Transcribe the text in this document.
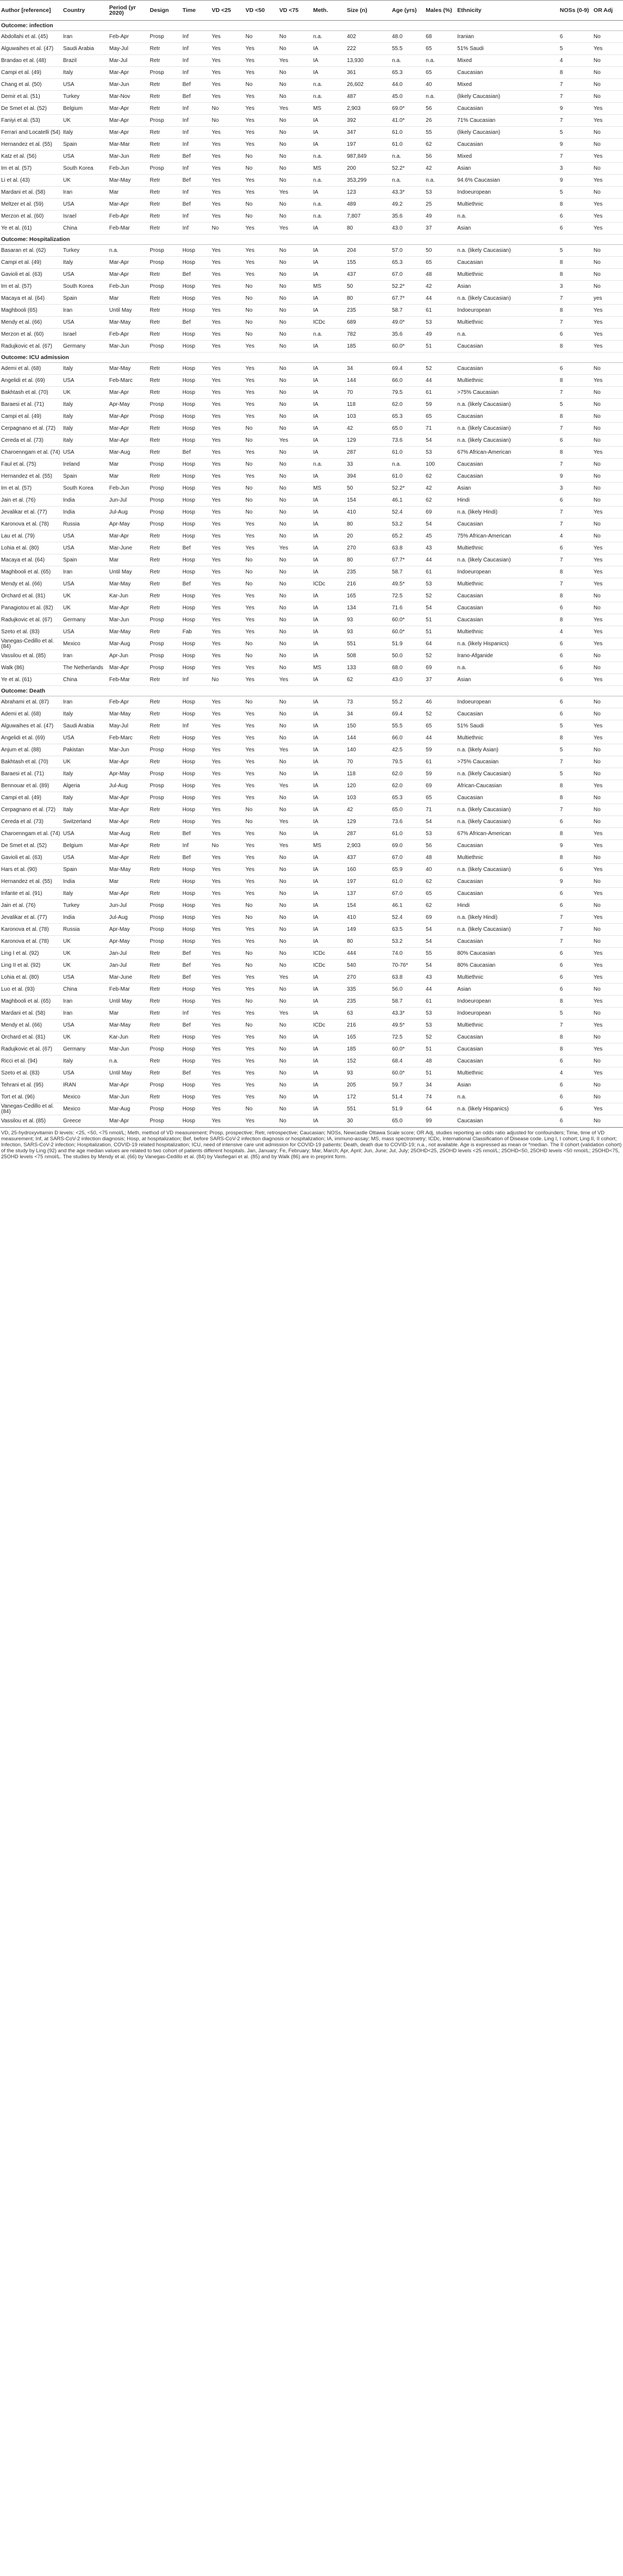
Author [reference]	Country	Period (yr 2020)	Design	Time	VD <25	VD <50	VD <75	Meth.	Size (n)	Age (yrs)	Males (%)	Ethnicity	NOSs (0-9)	OR Adj
Outcome: infection														
Abdollahi et al. (45)	Iran	Feb-Apr	Prosp	Inf	Yes	No	No	n.a.	402	48.0	68	Iranian	6	No
Alguwaihes et al. (47)	Saudi Arabia	May-Jul	Retr	Inf	Yes	Yes	No	IA	222	55.5	65	51% Saudi	5	Yes
Brandao et al. (48)	Brazil	Mar-Jul	Retr	Inf	Yes	Yes	Yes	IA	13,930	n.a.	n.a.	Mixed	4	No
Campi et al. (49)	Italy	Mar-Apr	Prosp	Inf	Yes	Yes	No	IA	361	65.3	65	Caucasian	8	No
Chang et al. (50)	USA	Mar-Jun	Retr	Bef	Yes	No	No	n.a.	26,602	44.0	40	Mixed	7	No
Demir et al. (51)	Turkey	Mar-Nov	Retr	Bef	Yes	Yes	No	n.a.	487	45.0	n.a.	(likely Caucasian)	7	No
De Smet et al. (52)	Belgium	Mar-Apr	Retr	Inf	No	Yes	Yes	MS	2,903	69.0*	56	Caucasian	9	Yes
Faniyi et al. (53)	UK	Mar-Apr	Prosp	Inf	No	Yes	No	IA	392	41.0*	26	71% Caucasian	7	Yes
Ferrari and Locatelli (54)	Italy	Mar-Apr	Retr	Inf	Yes	Yes	No	IA	347	61.0	55	(likely Caucasian)	5	No
Hernandez et al. (55)	Spain	Mar-Mar	Retr	Inf	Yes	Yes	No	IA	197	61.0	62	Caucasian	9	No
Katz et al. (56)	USA	Mar-Jun	Retr	Bef	Yes	No	No	n.a.	987,849	n.a.	56	Mixed	7	Yes
Im et al. (57)	South Korea	Feb-Jun	Prosp	Inf	Yes	No	No	MS	200	52.2*	42	Asian	3	No
Li et al. (43)	UK	Mar-May	Retr	Bef	Yes	Yes	No	n.a.	353,299	n.a.	n.a.	94.6% Caucasian	9	Yes
Mardani et al. (58)	Iran	Mar	Retr	Inf	Yes	Yes	Yes	IA	123	43.3*	53	Indoeuropean	5	No
Meltzer et al. (59)	USA	Mar-Apr	Retr	Bef	Yes	No	No	n.a.	489	49.2	25	Multiethnic	8	Yes
Merzon et al. (60)	Israel	Feb-Apr	Retr	Inf	Yes	No	No	n.a.	7,807	35.6	49	n.a.	6	Yes
Ye et al. (61)	China	Feb-Mar	Retr	Inf	No	Yes	Yes	IA	80	43.0	37	Asian	6	Yes
Outcome: Hospitalization														
Basaran et al. (62)	Turkey	n.a.	Prosp	Hosp	Yes	Yes	No	IA	204	57.0	50	n.a. (likely Caucasian)	5	No
Campi et al. (49)	Italy	Mar-Apr	Prosp	Hosp	Yes	Yes	No	IA	155	65.3	65	Caucasian	8	No
Gavioli et al. (63)	USA	Mar-Apr	Retr	Bef	Yes	Yes	No	IA	437	67.0	48	Multiethnic	8	No
Im et al. (57)	South Korea	Feb-Jun	Prosp	Hosp	Yes	No	No	MS	50	52.2*	42	Asian	3	No
Macaya et al. (64)	Spain	Mar	Retr	Hosp	Yes	No	No	IA	80	67.7*	44	n.a. (likely Caucasian)	7	yes
Maghbooli (65)	Iran	Until May	Retr	Hosp	Yes	No	No	IA	235	58.7	61	Indoeuropean	8	Yes
Mendy et al. (66)	USA	Mar-May	Retr	Bef	Yes	No	No	ICDc	689	49.0*	53	Multiethnic	7	Yes
Merzon et al. (60)	Israel	Feb-Apr	Retr	Hosp	Yes	No	No	n.a.	782	35.6	49	n.a.	6	Yes
Radujkovic et al. (67)	Germany	Mar-Jun	Prosp	Hosp	Yes	Yes	No	IA	185	60.0*	51	Caucasian	8	Yes
Outcome: ICU admission														
Ademi et al. (68)	Italy	Mar-May	Retr	Hosp	Yes	Yes	No	IA	34	69.4	52	Caucasian	6	No
Angelidi et al. (69)	USA	Feb-Marc	Retr	Hosp	Yes	Yes	No	IA	144	66.0	44	Multiethnic	8	Yes
Bakhtash et al. (70)	UK	Mar-Apr	Retr	Hosp	Yes	Yes	No	IA	70	79.5	61	>75% Caucasian	7	No
Baraesi et al. (71)	Italy	Apr-May	Prosp	Hosp	Yes	Yes	No	IA	118	62.0	59	n.a. (likely Caucasian)	5	No
Campi et al. (49)	Italy	Mar-Apr	Prosp	Hosp	Yes	Yes	No	IA	103	65.3	65	Caucasian	8	No
Cerpagnano et al. (72)	Italy	Mar-Apr	Retr	Hosp	Yes	No	No	IA	42	65.0	71	n.a. (likely Caucasian)	7	No
Cereda et al. (73)	Italy	Mar-Apr	Retr	Hosp	Yes	No	Yes	IA	129	73.6	54	n.a. (likely Caucasian)	6	No
Charoenngam et al. (74)	USA	Mar-Aug	Retr	Bef	Yes	Yes	No	IA	287	61.0	53	67% African-American	8	Yes
Faul et al. (75)	Ireland	Mar	Prosp	Hosp	Yes	No	No	n.a.	33	n.a.	100	Caucasian	7	No
Hernandez et al. (55)	Spain	Mar	Retr	Hosp	Yes	Yes	No	IA	394	61.0	62	Caucasian	9	No
Im et al. (57)	South Korea	Feb-Jun	Prosp	Hosp	Yes	No	No	MS	50	52.2*	42	Asian	3	No
Jain et al. (76)	India	Jun-Jul	Prosp	Hosp	Yes	No	No	IA	154	46.1	62	Hindi	6	No
Jevalikar et al. (77)	India	Jul-Aug	Prosp	Hosp	Yes	No	No	IA	410	52.4	69	n.a. (likely Hindi)	7	Yes
Karonova et al. (78)	Russia	Apr-May	Prosp	Hosp	Yes	Yes	No	IA	80	53.2	54	Caucasian	7	No
Lau et al. (79)	USA	Mar-Apr	Retr	Hosp	Yes	Yes	No	IA	20	65.2	45	75% African-American	4	No
Lohia et al. (80)	USA	Mar-June	Retr	Bef	Yes	Yes	Yes	IA	270	63.8	43	Multiethnic	6	Yes
Macaya et al. (64)	Spain	Mar	Retr	Hosp	Yes	No	No	IA	80	67.7*	44	n.a. (likely Caucasian)	7	Yes
Maghbooli et al. (65)	Iran	Until May	Retr	Hosp	Yes	No	No	IA	235	58.7	61	Indoeuropean	8	Yes
Mendy et al. (66)	USA	Mar-May	Retr	Bef	Yes	No	No	ICDc	216	49.5*	53	Multiethnic	7	Yes
Orchard et al. (81)	UK	Kar-Jun	Retr	Hosp	Yes	Yes	No	IA	165	72.5	52	Caucasian	8	No
Panagiotou et al. (82)	UK	Mar-Apr	Retr	Hosp	Yes	Yes	No	IA	134	71.6	54	Caucasian	6	No
Radujkovic et al. (67)	Germany	Mar-Jun	Prosp	Hosp	Yes	Yes	No	IA	93	60.0*	51	Caucasian	8	Yes
Szeto et al. (83)	USA	Mar-May	Retr	Fab	Yes	Yes	No	IA	93	60.0*	51	Multiethnic	4	Yes
Vanegas-Cedillo et al. (84)	Mexico	Mar-Aug	Prosp	Hosp	Yes	No	No	IA	551	51.9	64	n.a. (likely Hispanics)	6	Yes
Vassilou et al. (85)	Iran	Apr-Jun	Prosp	Hosp	Yes	No	No	IA	508	50.0	52	Irano-Afganide	6	No
Walk (86)	The Netherlands	Mar-Apr	Prosp	Hosp	Yes	Yes	No	MS	133	68.0	69	n.a.	6	No
Ye et al. (61)	China	Feb-Mar	Retr	Inf	No	Yes	Yes	IA	62	43.0	37	Asian	6	Yes
Outcome: Death														
Abrahami et al. (87)	Iran	Feb-Apr	Retr	Hosp	Yes	No	No	IA	73	55.2	46	Indoeuropean	6	No
Ademi et al. (68)	Italy	Mar-May	Retr	Hosp	Yes	Yes	No	IA	34	69.4	52	Caucasian	6	No
Alguwaihes et al. (47)	Saudi Arabia	May-Jul	Retr	Inf	Yes	Yes	No	IA	150	55.5	65	51% Saudi	5	Yes
Angelidi et al. (69)	USA	Feb-Marc	Retr	Hosp	Yes	Yes	No	IA	144	66.0	44	Multiethnic	8	Yes
Anjum et al. (88)	Pakistan	Mar-Jun	Prosp	Hosp	Yes	Yes	Yes	IA	140	42.5	59	n.a. (likely Asian)	5	No
Bakhtash et al. (70)	UK	Mar-Apr	Retr	Hosp	Yes	Yes	No	IA	70	79.5	61	>75% Caucasian	7	No
Baraesi et al. (71)	Italy	Apr-May	Prosp	Hosp	Yes	Yes	No	IA	118	62.0	59	n.a. (likely Caucasian)	5	No
Bennouar et al. (89)	Algeria	Jul-Aug	Prosp	Hosp	Yes	Yes	Yes	IA	120	62.0	69	African-Caucasian	8	Yes
Campi et al. (49)	Italy	Mar-Apr	Prosp	Hosp	Yes	Yes	No	IA	103	65.3	65	Caucasian	8	No
Cerpagnano et al. (72)	Italy	Mar-Apr	Retr	Hosp	Yes	No	No	IA	42	65.0	71	n.a. (likely Caucasian)	7	No
Cereda et al. (73)	Switzerland	Mar-Apr	Retr	Hosp	Yes	No	Yes	IA	129	73.6	54	n.a. (likely Caucasian)	6	No
Charoenngam et al. (74)	USA	Mar-Aug	Retr	Bef	Yes	Yes	No	IA	287	61.0	53	67% African-American	8	Yes
De Smet et al. (52)	Belgium	Mar-Apr	Retr	Inf	No	Yes	Yes	MS	2,903	69.0	56	Caucasian	9	Yes
Gavioli et al. (63)	USA	Mar-Apr	Retr	Bef	Yes	Yes	No	IA	437	67.0	48	Multiethnic	8	No
Hars et al. (90)	Spain	Mar-May	Retr	Hosp	Yes	Yes	No	IA	160	65.9	40	n.a. (likely Caucasian)	6	Yes
Hernandez et al. (55)	India	Mar	Retr	Hosp	Yes	Yes	No	IA	197	61.0	62	Caucasian	9	No
Infante et al. (91)	Italy	Mar-Apr	Retr	Hosp	Yes	Yes	No	IA	137	67.0	65	Caucasian	6	Yes
Jain et al. (76)	Turkey	Jun-Jul	Prosp	Hosp	Yes	No	No	IA	154	46.1	62	Hindi	6	No
Jevalikar et al. (77)	India	Jul-Aug	Prosp	Hosp	Yes	No	No	IA	410	52.4	69	n.a. (likely Hindi)	7	Yes
Karonova et al. (78)	Russia	Apr-May	Prosp	Hosp	Yes	Yes	No	IA	149	63.5	54	n.a. (likely Caucasian)	7	No
Karonova et al. (78)	UK	Apr-May	Prosp	Hosp	Yes	Yes	No	IA	80	53.2	54	Caucasian	7	No
Ling I et al. (92)	UK	Jan-Jul	Retr	Bef	Yes	No	No	ICDc	444	74.0	55	80% Caucasian	6	Yes
Ling II et al. (92)	UK	Jan-Jul	Retr	Bef	Yes	No	No	ICDc	540	70-76*	54	80% Caucasian	6	Yes
Lohia et al. (80)	USA	Mar-June	Retr	Bef	Yes	Yes	Yes	IA	270	63.8	43	Multiethnic	6	Yes
Luo et al. (93)	China	Feb-Mar	Retr	Hosp	Yes	Yes	No	IA	335	56.0	44	Asian	6	No
Maghbooli et al. (65)	Iran	Until May	Retr	Hosp	Yes	No	No	IA	235	58.7	61	Indoeuropean	8	Yes
Mardani et al. (58)	Iran	Mar	Retr	Inf	Yes	Yes	Yes	IA	63	43.3*	53	Indoeuropean	5	No
Mendy et al. (66)	USA	Mar-May	Retr	Bef	Yes	No	No	ICDc	216	49.5*	53	Multiethnic	7	Yes
Orchard et al. (81)	UK	Kar-Jun	Retr	Hosp	Yes	Yes	No	IA	165	72.5	52	Caucasian	8	No
Radujkovic et al. (67)	Germany	Mar-Jun	Prosp	Hosp	Yes	Yes	No	IA	185	60.0*	51	Caucasian	8	Yes
Ricci et al. (94)	Italy	n.a.	Retr	Hosp	Yes	Yes	No	IA	152	68.4	48	Caucasian	6	No
Szeto et al. (83)	USA	Until May	Retr	Bef	Yes	Yes	No	IA	93	60.0*	51	Multiethnic	4	Yes
Tehrani et al. (95)	IRAN	Mar-Apr	Prosp	Hosp	Yes	Yes	No	IA	205	59.7	34	Asian	6	No
Tort et al. (96)	Mexico	Mar-Jun	Retr	Hosp	Yes	Yes	No	IA	172	51.4	74	n.a.	6	No
Vanegas-Cedillo et al. (84)	Mexico	Mar-Aug	Prosp	Hosp	Yes	No	No	IA	551	51.9	64	n.a. (likely Hispanics)	6	Yes
Vassilou et al. (85)	Greece	Mar-Apr	Prosp	Hosp	Yes	Yes	No	IA	30	65.0	99	Caucasian	6	No
VD, 25-hydroxyvitamin D levels: <25, <50, <75 nmol/L; Meth, method of VD measurement; Prosp, prospective; Retr, retrospective; Caucasian; NOSs, Newcastle Ottawa Scale score; OR Adj, studies reporting an odds ratio adjusted for confounders; Time, time of VD measurement; Inf, at SARS-CoV-2 infection diagnosis; Hosp, at hospitalization; Bef, before SARS-CoV-2 infection diagnosis or hospitalization; IA, immuno-assay; MS, mass spectrometry; ICDc, International Classification of Disease code. Ling I, I cohort; Ling II, II cohort; Infection, SARS-CoV-2 infection; Hospitalization, COVID-19 related hospitalization; ICU, need of intensive care unit admission for COVID-19 patients; Death, death due to COVID-19; n.a., not available. Age is expressed as mean or *median. The II cohort (validation cohort) of the study by Ling (92) and the age median values are related to two cohort of patients different hospitals. Jan, January; Fe, February; Mar, March; Apr, April; Jun, June; Jul, July; 25OHD<25, 25OHD levels <25 nmol/L; 25OHD<50, 25OHD levels <50 nmol/L; 25OHD<75, 25OHD levels <75 nmol/L. The studies by Mendy et al. (66) by Vanegas-Cedillo et al. (84) by Vasfiegari et al. (85) and by Walk (86) are in preprint form.
